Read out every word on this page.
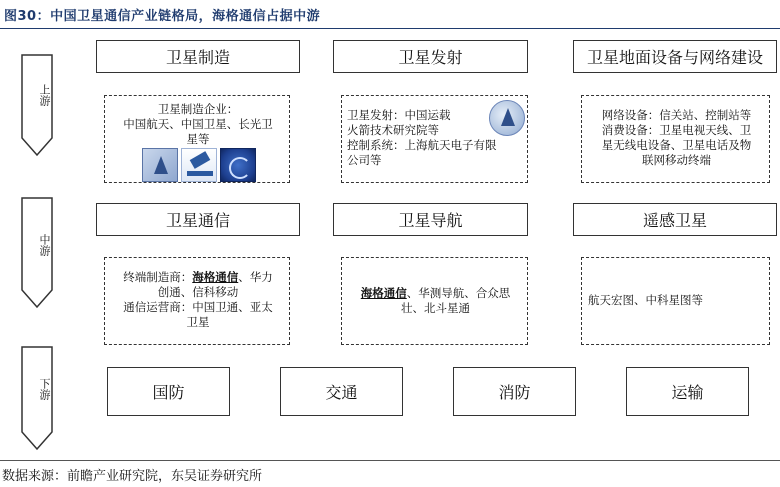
图30：中国卫星通信产业链格局，海格通信占据中游
上游
中游
下游
卫星制造	卫星发射	卫星地面设备与网络建设
卫星制造企业：
中国航天、中国卫星、长光卫
星等
卫星发射：中国运载
火箭技术研究院等
控制系统：上海航天电子有限
公司等
网络设备：信关站、控制站等
消费设备：卫星电视天线、卫
星无线电设备、卫星电话及物
联网移动终端
卫星通信	卫星导航	遥感卫星
终端制造商：海格通信、华力
创通、信科移动
通信运营商：中国卫通、亚太
卫星
海格通信、华测导航、合众思
壮、北斗星通
航天宏图、中科星图等
国防	交通	消防	运输
数据来源：前瞻产业研究院，东吴证券研究所
